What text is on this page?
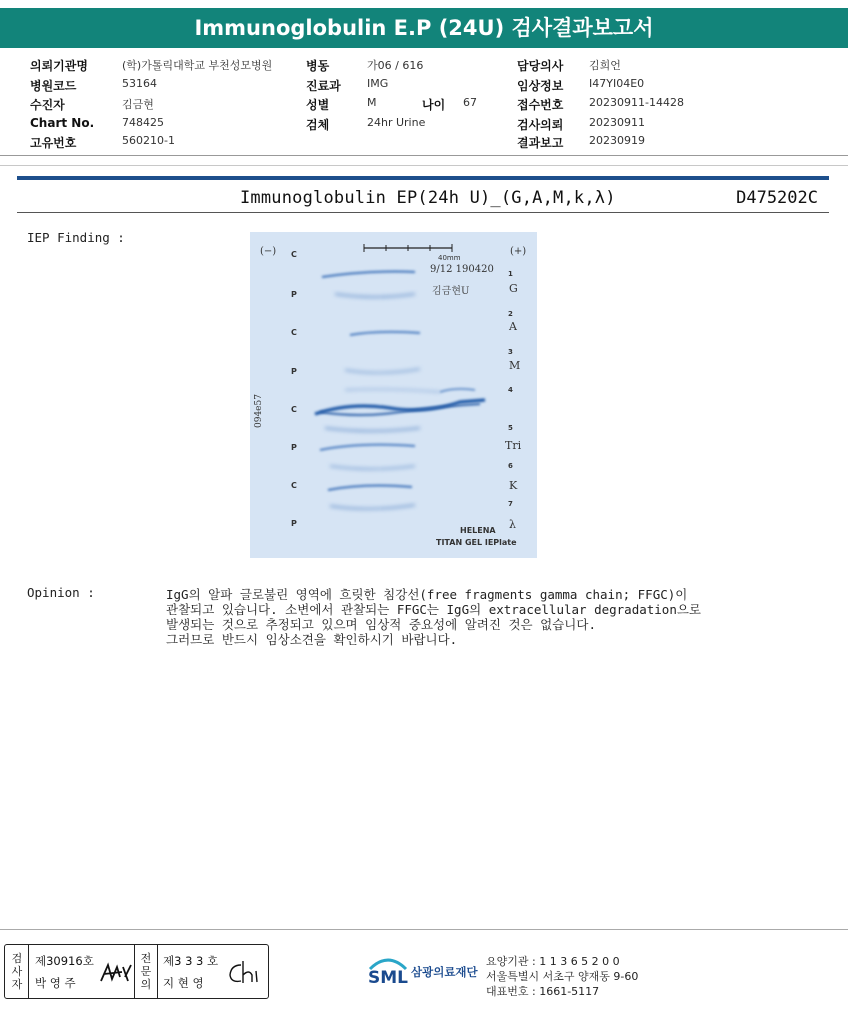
Immunoglobulin E.P (24U) 검사결과보고서
의뢰기관명	(학)가톨릭대학교 부천성모병원
병원코드	53164
수진자	김금현
Chart No.	748425
고유번호	560210-1
병동	가06 / 616
진료과 IMG
성별	M	나이 67
검체	24hr Urine
담당의사 김희언
임상정보 I47YI04E0
접수번호 20230911-14428
검사의뢰 20230911
결과보고 20230919
Immunoglobulin EP(24h U)_(G,A,M,k,λ)	D475202C
IEP Finding :
(−)	(+)
40mm
9/12 190420
김금현U
094e57
C
P
C
P
C
P
C
P
1
2
3
4
5
6
7
G
A
M
Tri
K
λ
HELENA
TITAN GEL IEPlate
Opinion :	IgG의 알파 글로불린 영역에 흐릿한 침강선(free fragments gamma chain; FFGC)이
관찰되고 있습니다. 소변에서 관찰되는 FFGC는 IgG의 extracellular degradation으로
발생되는 것으로 추정되고 있으며 임상적 중요성에 알려진 것은 없습니다.
그러므로 반드시 임상소견을 확인하시기 바랍니다.
검사자
제30916호
박 영 주
전문의
제3 3 3 호
지 현 영	SML 삼광의료재단
요양기관 : 1 1 3 6 5 2 0 0
서울특별시 서초구 양재동 9-60
대표번호 : 1661-5117
